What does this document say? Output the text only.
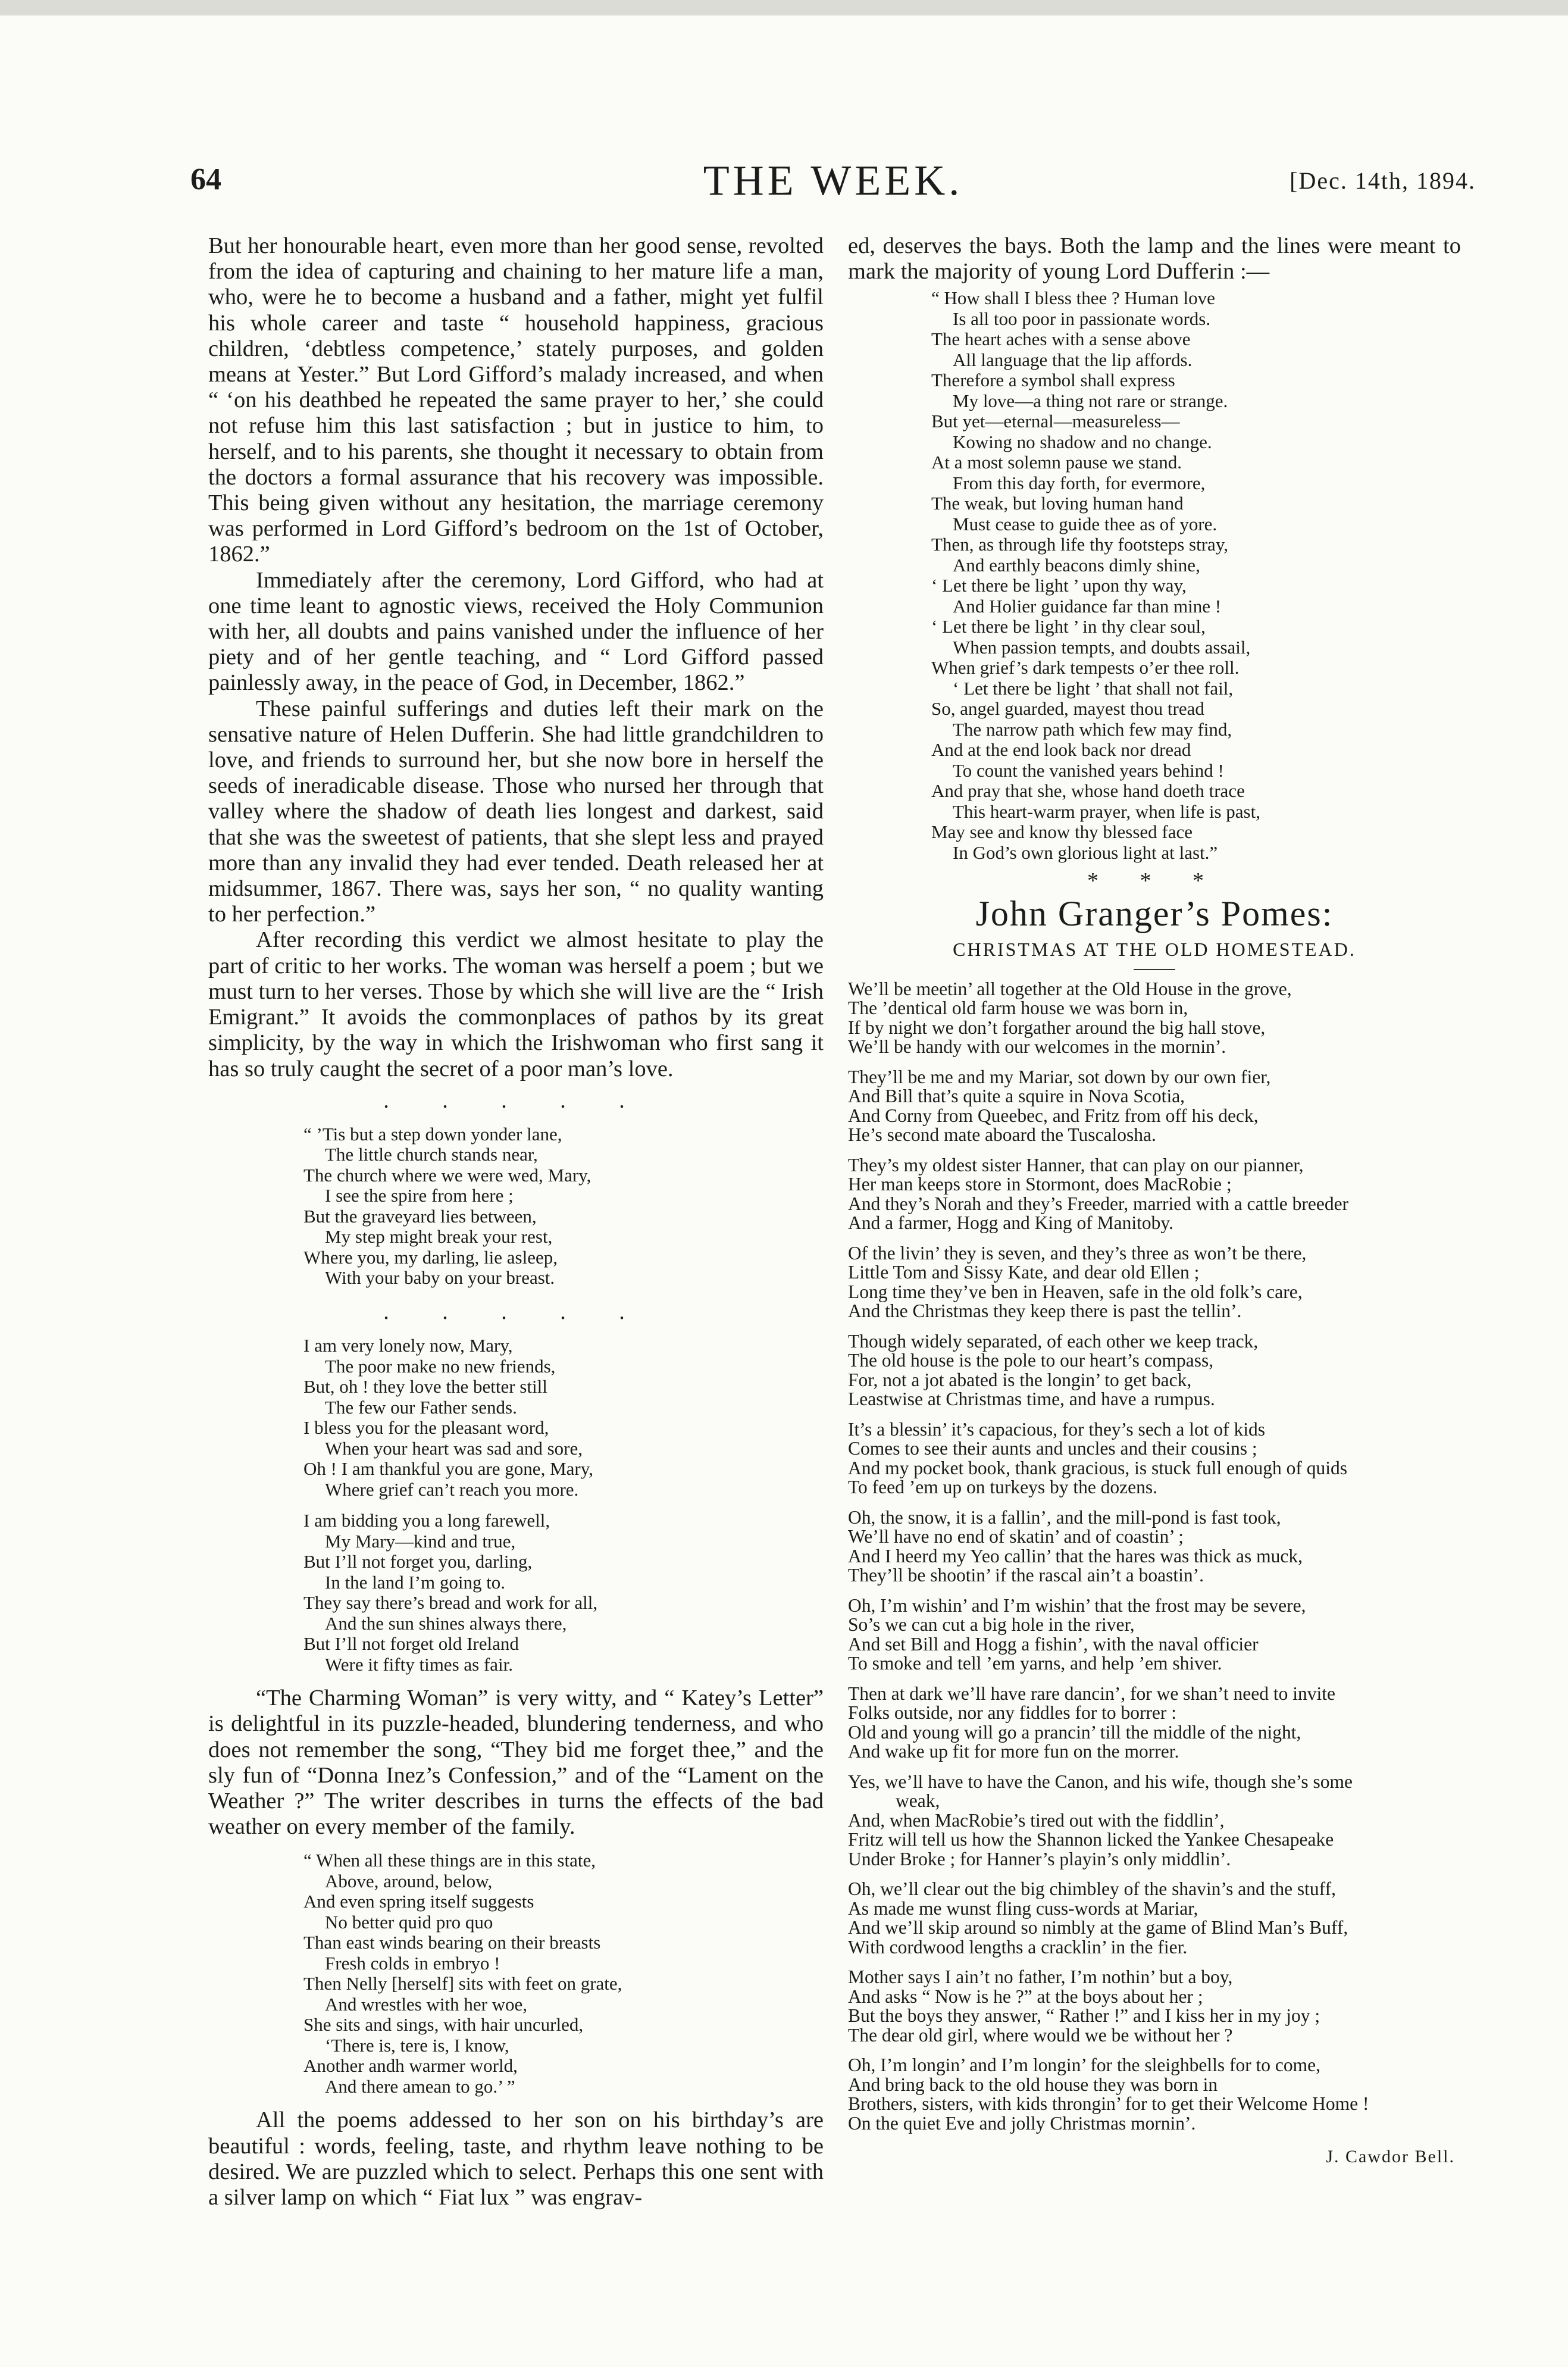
64	THE WEEK.	[Dec. 14th, 1894.

But her honourable heart, even more than her good sense, revolted from the idea of capturing and chaining to her mature life a man, who, were he to become a husband and a father, might yet fulfil his whole career and taste “ household happiness, gracious children, ‘debtless competence,’ stately purposes, and golden means at Yester.” But Lord Gifford’s malady increased, and when “ ‘on his deathbed he repeated the same prayer to her,’ she could not refuse him this last satisfaction ; but in justice to him, to herself, and to his parents, she thought it necessary to obtain from the doctors a formal assurance that his recovery was impossible. This being given without any hesitation, the marriage ceremony was performed in Lord Gifford’s bedroom on the 1st of October, 1862.”

Immediately after the ceremony, Lord Gifford, who had at one time leant to agnostic views, received the Holy Communion with her, all doubts and pains vanished under the influence of her piety and of her gentle teaching, and “ Lord Gifford passed painlessly away, in the peace of God, in December, 1862.”

These painful sufferings and duties left their mark on the sensative nature of Helen Dufferin. She had little grandchildren to love, and friends to surround her, but she now bore in herself the seeds of ineradicable disease. Those who nursed her through that valley where the shadow of death lies longest and darkest, said that she was the sweetest of patients, that she slept less and prayed more than any invalid they had ever tended. Death released her at midsummer, 1867. There was, says her son, “ no quality wanting to her perfection.”

After recording this verdict we almost hesitate to play the part of critic to her works. The woman was herself a poem ; but we must turn to her verses. Those by which she will live are the “ Irish Emigrant.” It avoids the commonplaces of pathos by its great simplicity, by the way in which the Irishwoman who first sang it has so truly caught the secret of a poor man’s love.

. . . . .
“ ’Tis but a step down yonder lane,
The little church stands near,
The church where we were wed, Mary,
I see the spire from here ;
But the graveyard lies between,
My step might break your rest,
Where you, my darling, lie asleep,
With your baby on your breast.
. . . . .
I am very lonely now, Mary,
The poor make no new friends,
But, oh ! they love the better still
The few our Father sends.
I bless you for the pleasant word,
When your heart was sad and sore,
Oh ! I am thankful you are gone, Mary,
Where grief can’t reach you more.
I am bidding you a long farewell,
My Mary—kind and true,
But I’ll not forget you, darling,
In the land I’m going to.
They say there’s bread and work for all,
And the sun shines always there,
But I’ll not forget old Ireland
Were it fifty times as fair.

“The Charming Woman” is very witty, and “ Katey’s Letter” is delightful in its puzzle-headed, blundering tenderness, and who does not remember the song, “They bid me forget thee,” and the sly fun of “Donna Inez’s Confession,” and of the “Lament on the Weather ?” The writer describes in turns the effects of the bad weather on every member of the family.

“ When all these things are in this state,
Above, around, below,
And even spring itself suggests
No better quid pro quo
Than east winds bearing on their breasts
Fresh colds in embryo !
Then Nelly [herself] sits with feet on grate,
And wrestles with her woe,
She sits and sings, with hair uncurled,
‘There is, tere is, I know,
Another andh warmer world,
And there amean to go.’ ”

All the poems addessed to her son on his birthday’s are beautiful : words, feeling, taste, and rhythm leave nothing to be desired. We are puzzled which to select. Perhaps this one sent with a silver lamp on which “ Fiat lux ” was engrav-

ed, deserves the bays. Both the lamp and the lines were meant to mark the majority of young Lord Dufferin :—

“ How shall I bless thee ? Human love
Is all too poor in passionate words.
The heart aches with a sense above
All language that the lip affords.
Therefore a symbol shall express
My love—a thing not rare or strange.
But yet—eternal—measureless—
Kowing no shadow and no change.
At a most solemn pause we stand.
From this day forth, for evermore,
The weak, but loving human hand
Must cease to guide thee as of yore.
Then, as through life thy footsteps stray,
And earthly beacons dimly shine,
‘ Let there be light ’ upon thy way,
And Holier guidance far than mine !
‘ Let there be light ’ in thy clear soul,
When passion tempts, and doubts assail,
When grief’s dark tempests o’er thee roll.
‘ Let there be light ’ that shall not fail,
So, angel guarded, mayest thou tread
The narrow path which few may find,
And at the end look back nor dread
To count the vanished years behind !
And pray that she, whose hand doeth trace
This heart-warm prayer, when life is past,
May see and know thy blessed face
In God’s own glorious light at last.”
* * *
John Granger’s Pomes:
CHRISTMAS AT THE OLD HOMESTEAD.
We’ll be meetin’ all together at the Old House in the grove,
The ’dentical old farm house we was born in,
If by night we don’t forgather around the big hall stove,
We’ll be handy with our welcomes in the mornin’.
They’ll be me and my Mariar, sot down by our own fier,
And Bill that’s quite a squire in Nova Scotia,
And Corny from Queebec, and Fritz from off his deck,
He’s second mate aboard the Tuscalosha.
They’s my oldest sister Hanner, that can play on our pianner,
Her man keeps store in Stormont, does MacRobie ;
And they’s Norah and they’s Freeder, married with a cattle breeder
And a farmer, Hogg and King of Manitoby.
Of the livin’ they is seven, and they’s three as won’t be there,
Little Tom and Sissy Kate, and dear old Ellen ;
Long time they’ve ben in Heaven, safe in the old folk’s care,
And the Christmas they keep there is past the tellin’.
Though widely separated, of each other we keep track,
The old house is the pole to our heart’s compass,
For, not a jot abated is the longin’ to get back,
Leastwise at Christmas time, and have a rumpus.
It’s a blessin’ it’s capacious, for they’s sech a lot of kids
Comes to see their aunts and uncles and their cousins ;
And my pocket book, thank gracious, is stuck full enough of quids
To feed ’em up on turkeys by the dozens.
Oh, the snow, it is a fallin’, and the mill-pond is fast took,
We’ll have no end of skatin’ and of coastin’ ;
And I heerd my Yeo callin’ that the hares was thick as muck,
They’ll be shootin’ if the rascal ain’t a boastin’.
Oh, I’m wishin’ and I’m wishin’ that the frost may be severe,
So’s we can cut a big hole in the river,
And set Bill and Hogg a fishin’, with the naval officier
To smoke and tell ’em yarns, and help ’em shiver.
Then at dark we’ll have rare dancin’, for we shan’t need to invite
Folks outside, nor any fiddles for to borrer :
Old and young will go a prancin’ till the middle of the night,
And wake up fit for more fun on the morrer.
Yes, we’ll have to have the Canon, and his wife, though she’s some
weak,
And, when MacRobie’s tired out with the fiddlin’,
Fritz will tell us how the Shannon licked the Yankee Chesapeake
Under Broke ; for Hanner’s playin’s only middlin’.
Oh, we’ll clear out the big chimbley of the shavin’s and the stuff,
As made me wunst fling cuss-words at Mariar,
And we’ll skip around so nimbly at the game of Blind Man’s Buff,
With cordwood lengths a cracklin’ in the fier.
Mother says I ain’t no father, I’m nothin’ but a boy,
And asks “ Now is he ?” at the boys about her ;
But the boys they answer, “ Rather !” and I kiss her in my joy ;
The dear old girl, where would we be without her ?
Oh, I’m longin’ and I’m longin’ for the sleighbells for to come,
And bring back to the old house they was born in
Brothers, sisters, with kids throngin’ for to get their Welcome Home !
On the quiet Eve and jolly Christmas mornin’.
J. Cawdor Bell.
